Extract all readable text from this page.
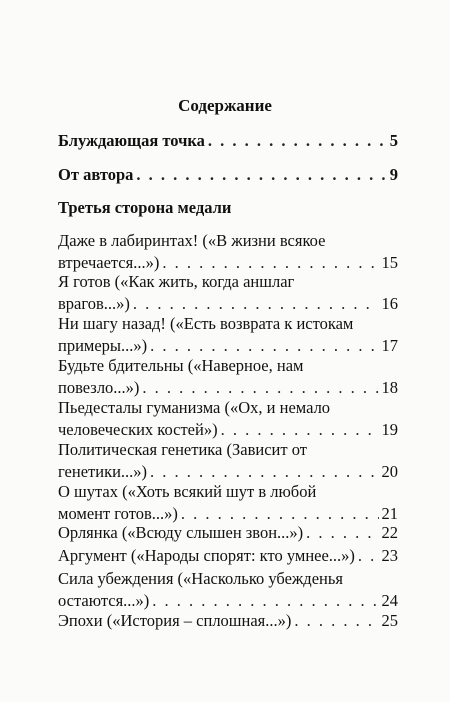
Содержание
Блуждающая точка . . .	5
От автора . . .	9
Третья сторона медали
Даже в лабиринтах! («В жизни всякое
втречается...») . . .	15
Я готов («Как жить, когда аншлаг
врагов...») . . .	16
Ни шагу назад! («Есть возврата к истокам
примеры...») . . .	17
Будьте бдительны («Наверное, нам
повезло...») . . .	18
Пьедесталы гуманизма («Ох, и немало
человеческих костей») . . .	19
Политическая генетика (Зависит от
генетики...») . . .	20
О шутах («Хоть всякий шут в любой
момент готов...») . . .	21
Орлянка («Всюду слышен звон...») . . .	22
Аргумент («Народы спорят: кто умнее...») . . . 23
Сила убеждения («Насколько убежденья
остаются...») . . .	24
Эпохи («История – сплошная...») . . .	25
